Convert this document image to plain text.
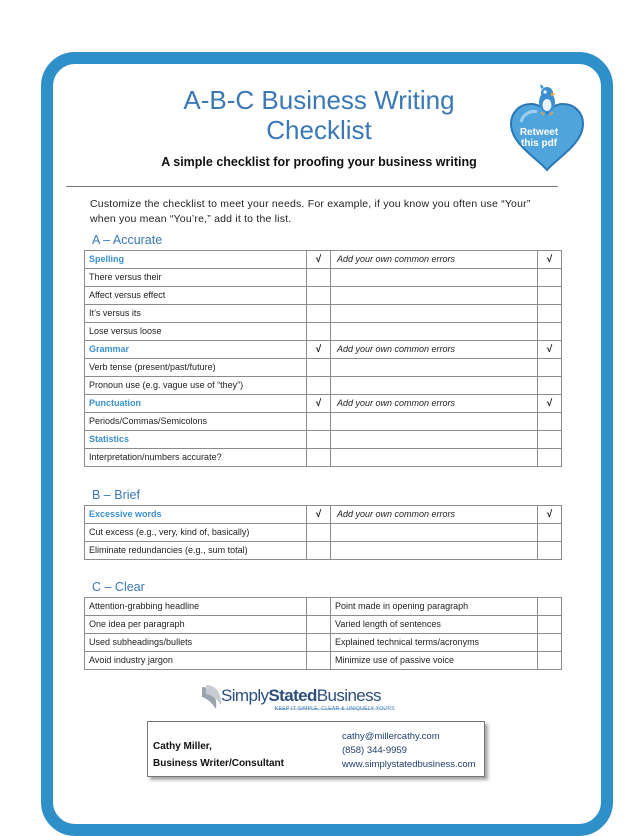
A-B-C Business Writing
Checklist
A simple checklist for proofing your business writing
Retweet
this pdf
Customize the checklist to meet your needs. For example, if you know you often use “Your”
when you mean “You’re,” add it to the list.
A – Accurate
Spelling	√	Add your own common errors	√
There versus their			
Affect versus effect			
It’s versus its			
Lose versus loose			
Grammar	√	Add your own common errors	√
Verb tense (present/past/future)			
Pronoun use (e.g. vague use of “they”)			
Punctuation	√	Add your own common errors	√
Periods/Commas/Semicolons			
Statistics			
Interpretation/numbers accurate?			
B – Brief
Excessive words	√	Add your own common errors	√
Cut excess (e.g., very, kind of, basically)			
Eliminate redundancies (e.g., sum total)			
C – Clear
Attention-grabbing headline		Point made in opening paragraph	
One idea per paragraph		Varied length of sentences	
Used subheadings/bullets		Explained technical terms/acronyms	
Avoid industry jargon		Minimize use of passive voice	
SimplyStatedBusiness
KEEP IT SIMPLE, CLEAR & UNIQUELY YOURS
Cathy Miller,
Business Writer/Consultant
cathy@millercathy.com
(858) 344-9959
www.simplystatedbusiness.com
